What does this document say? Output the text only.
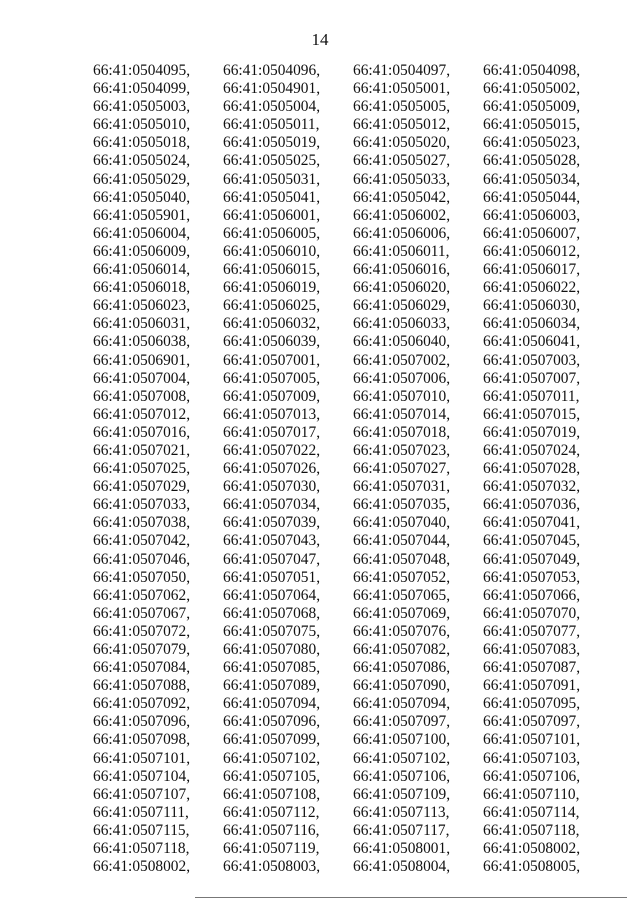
14
66:41:0504095,	66:41:0504096,	66:41:0504097,	66:41:0504098,
66:41:0504099,	66:41:0504901,	66:41:0505001,	66:41:0505002,
66:41:0505003,	66:41:0505004,	66:41:0505005,	66:41:0505009,
66:41:0505010,	66:41:0505011,	66:41:0505012,	66:41:0505015,
66:41:0505018,	66:41:0505019,	66:41:0505020,	66:41:0505023,
66:41:0505024,	66:41:0505025,	66:41:0505027,	66:41:0505028,
66:41:0505029,	66:41:0505031,	66:41:0505033,	66:41:0505034,
66:41:0505040,	66:41:0505041,	66:41:0505042,	66:41:0505044,
66:41:0505901,	66:41:0506001,	66:41:0506002,	66:41:0506003,
66:41:0506004,	66:41:0506005,	66:41:0506006,	66:41:0506007,
66:41:0506009,	66:41:0506010,	66:41:0506011,	66:41:0506012,
66:41:0506014,	66:41:0506015,	66:41:0506016,	66:41:0506017,
66:41:0506018,	66:41:0506019,	66:41:0506020,	66:41:0506022,
66:41:0506023,	66:41:0506025,	66:41:0506029,	66:41:0506030,
66:41:0506031,	66:41:0506032,	66:41:0506033,	66:41:0506034,
66:41:0506038,	66:41:0506039,	66:41:0506040,	66:41:0506041,
66:41:0506901,	66:41:0507001,	66:41:0507002,	66:41:0507003,
66:41:0507004,	66:41:0507005,	66:41:0507006,	66:41:0507007,
66:41:0507008,	66:41:0507009,	66:41:0507010,	66:41:0507011,
66:41:0507012,	66:41:0507013,	66:41:0507014,	66:41:0507015,
66:41:0507016,	66:41:0507017,	66:41:0507018,	66:41:0507019,
66:41:0507021,	66:41:0507022,	66:41:0507023,	66:41:0507024,
66:41:0507025,	66:41:0507026,	66:41:0507027,	66:41:0507028,
66:41:0507029,	66:41:0507030,	66:41:0507031,	66:41:0507032,
66:41:0507033,	66:41:0507034,	66:41:0507035,	66:41:0507036,
66:41:0507038,	66:41:0507039,	66:41:0507040,	66:41:0507041,
66:41:0507042,	66:41:0507043,	66:41:0507044,	66:41:0507045,
66:41:0507046,	66:41:0507047,	66:41:0507048,	66:41:0507049,
66:41:0507050,	66:41:0507051,	66:41:0507052,	66:41:0507053,
66:41:0507062,	66:41:0507064,	66:41:0507065,	66:41:0507066,
66:41:0507067,	66:41:0507068,	66:41:0507069,	66:41:0507070,
66:41:0507072,	66:41:0507075,	66:41:0507076,	66:41:0507077,
66:41:0507079,	66:41:0507080,	66:41:0507082,	66:41:0507083,
66:41:0507084,	66:41:0507085,	66:41:0507086,	66:41:0507087,
66:41:0507088,	66:41:0507089,	66:41:0507090,	66:41:0507091,
66:41:0507092,	66:41:0507094,	66:41:0507094,	66:41:0507095,
66:41:0507096,	66:41:0507096,	66:41:0507097,	66:41:0507097,
66:41:0507098,	66:41:0507099,	66:41:0507100,	66:41:0507101,
66:41:0507101,	66:41:0507102,	66:41:0507102,	66:41:0507103,
66:41:0507104,	66:41:0507105,	66:41:0507106,	66:41:0507106,
66:41:0507107,	66:41:0507108,	66:41:0507109,	66:41:0507110,
66:41:0507111,	66:41:0507112,	66:41:0507113,	66:41:0507114,
66:41:0507115,	66:41:0507116,	66:41:0507117,	66:41:0507118,
66:41:0507118,	66:41:0507119,	66:41:0508001,	66:41:0508002,
66:41:0508002,	66:41:0508003,	66:41:0508004,	66:41:0508005,
